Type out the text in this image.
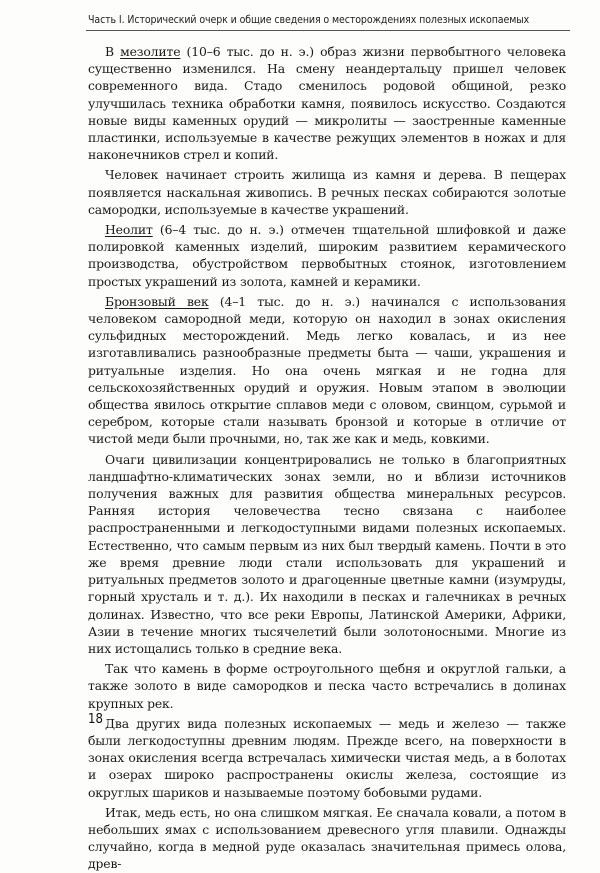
Часть I. Исторический очерк и общие сведения о месторождениях полезных ископаемых

В мезолите (10–6 тыс. до н. э.) образ жизни первобытного человека существенно изменился. На смену неандертальцу пришел человек современного вида. Стадо сменилось родовой общиной, резко улучшилась техника обработки камня, появилось искусство. Создаются новые виды каменных орудий — микролиты — заостренные каменные пластинки, используемые в качестве режущих элементов в ножах и для наконечников стрел и копий.

Человек начинает строить жилища из камня и дерева. В пещерах появляется наскальная живопись. В речных песках собираются золотые самородки, используемые в качестве украшений.

Неолит (6–4 тыс. до н. э.) отмечен тщательной шлифовкой и даже полировкой каменных изделий, широким развитием керамического производства, обустройством первобытных стоянок, изготовлением простых украшений из золота, камней и керамики.

Бронзовый век (4–1 тыс. до н. э.) начинался с использования человеком самородной меди, которую он находил в зонах окисления сульфидных месторождений. Медь легко ковалась, и из нее изготавливались разнообразные предметы быта — чаши, украшения и ритуальные изделия. Но она очень мягкая и не годна для сельскохозяйственных орудий и оружия. Новым этапом в эволюции общества явилось открытие сплавов меди с оловом, свинцом, сурьмой и серебром, которые стали называть бронзой и которые в отличие от чистой меди были прочными, но, так же как и медь, ковкими.

Очаги цивилизации концентрировались не только в благоприятных ландшафтно-климатических зонах земли, но и вблизи источников получения важных для развития общества минеральных ресурсов. Ранняя история человечества тесно связана с наиболее распространенными и легкодоступными видами полезных ископаемых. Естественно, что самым первым из них был твердый камень. Почти в это же время древние люди стали использовать для украшений и ритуальных предметов золото и драгоценные цветные камни (изумруды, горный хрусталь и т. д.). Их находили в песках и галечниках в речных долинах. Известно, что все реки Европы, Латинской Америки, Африки, Азии в течение многих тысячелетий были золотоносными. Многие из них истощались только в средние века.

Так что камень в форме остроугольного щебня и округлой гальки, а также золото в виде самородков и песка часто встречались в долинах крупных рек.

Два других вида полезных ископаемых — медь и железо — также были легкодоступны древним людям. Прежде всего, на поверхности в зонах окисления всегда встречалась химически чистая медь, а в болотах и озерах широко распространены окислы железа, состоящие из округлых шариков и называемые поэтому бобовыми рудами.

Итак, медь есть, но она слишком мягкая. Ее сначала ковали, а потом в небольших ямах с использованием древесного угля плавили. Однажды случайно, когда в медной руде оказалась значительная примесь олова, древ-

18
